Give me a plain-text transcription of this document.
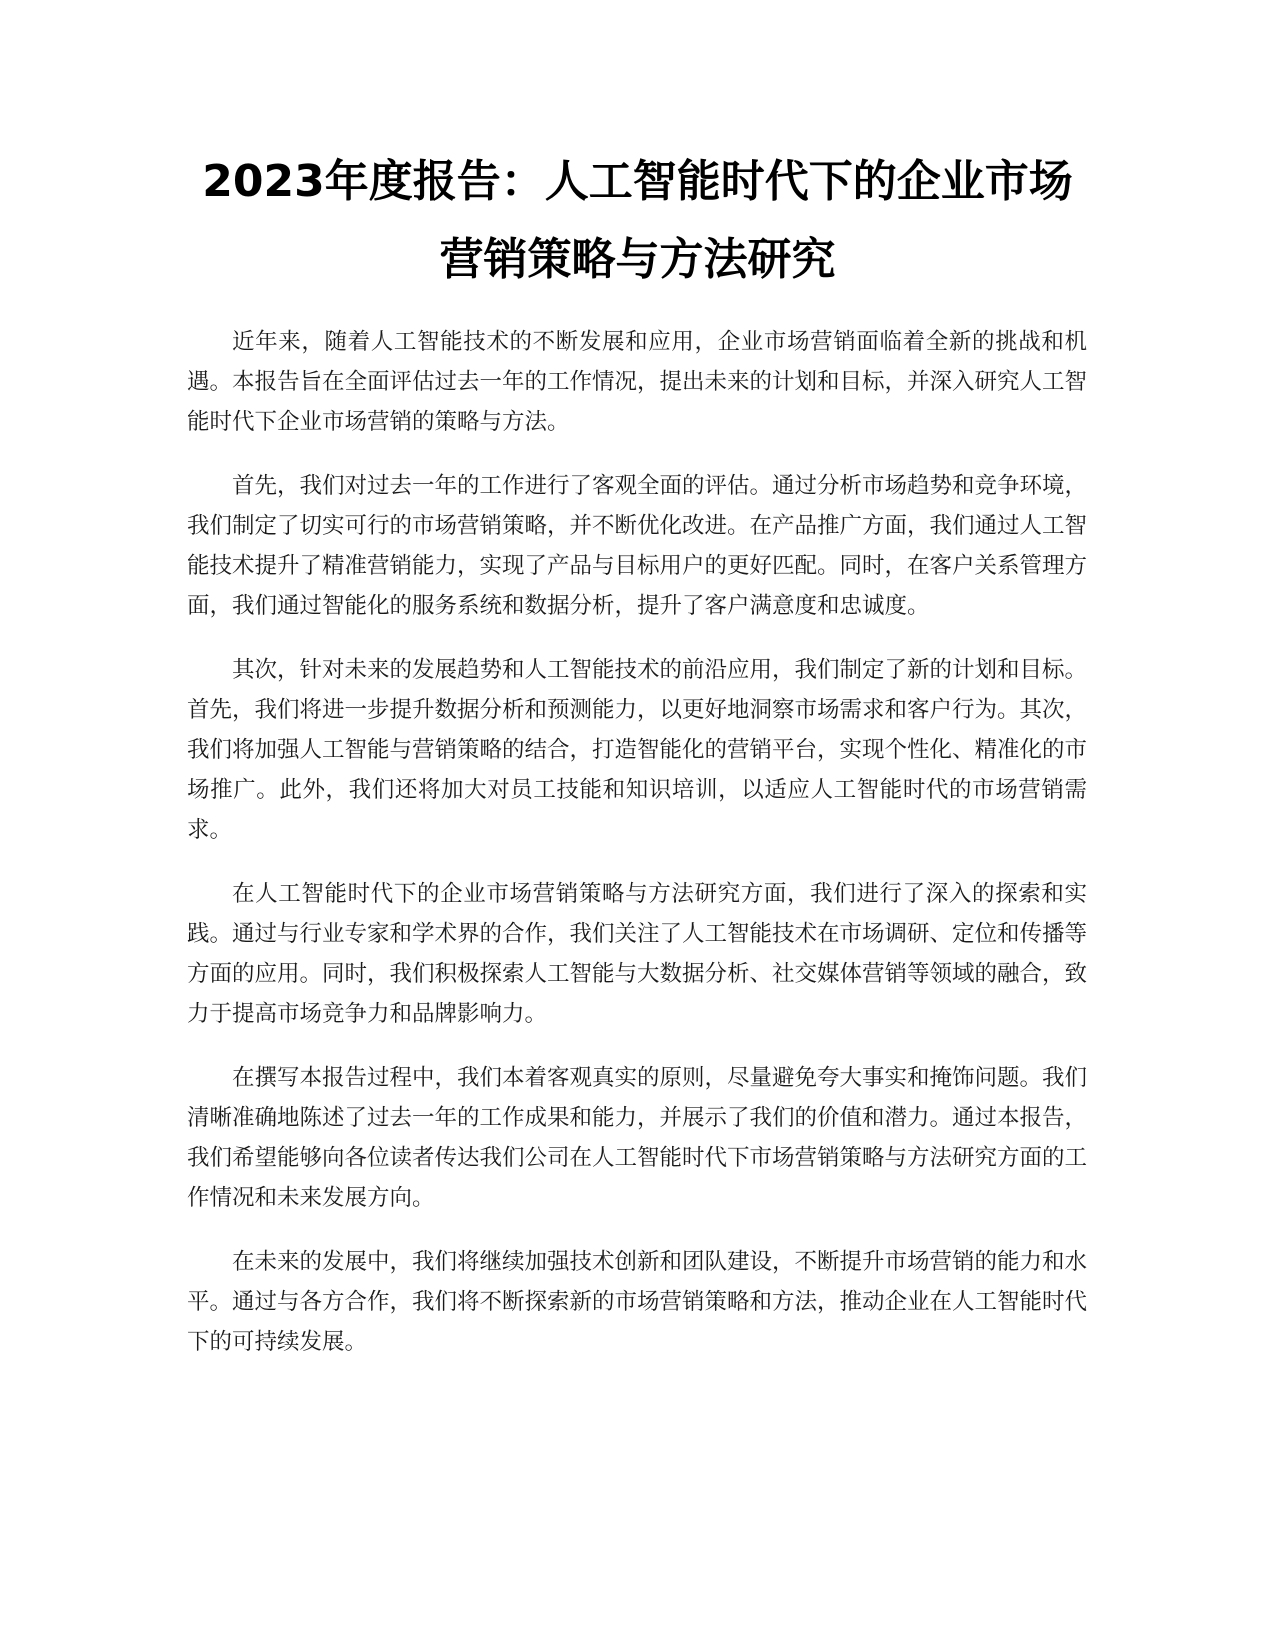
2023年度报告：人工智能时代下的企业市场
营销策略与方法研究

近年来，随着人工智能技术的不断发展和应用，企业市场营销面临着全新的挑战和机遇。本报告旨在全面评估过去一年的工作情况，提出未来的计划和目标，并深入研究人工智能时代下企业市场营销的策略与方法。

首先，我们对过去一年的工作进行了客观全面的评估。通过分析市场趋势和竞争环境，我们制定了切实可行的市场营销策略，并不断优化改进。在产品推广方面，我们通过人工智能技术提升了精准营销能力，实现了产品与目标用户的更好匹配。同时，在客户关系管理方面，我们通过智能化的服务系统和数据分析，提升了客户满意度和忠诚度。

其次，针对未来的发展趋势和人工智能技术的前沿应用，我们制定了新的计划和目标。首先，我们将进一步提升数据分析和预测能力，以更好地洞察市场需求和客户行为。其次，我们将加强人工智能与营销策略的结合，打造智能化的营销平台，实现个性化、精准化的市场推广。此外，我们还将加大对员工技能和知识培训，以适应人工智能时代的市场营销需求。

在人工智能时代下的企业市场营销策略与方法研究方面，我们进行了深入的探索和实践。通过与行业专家和学术界的合作，我们关注了人工智能技术在市场调研、定位和传播等方面的应用。同时，我们积极探索人工智能与大数据分析、社交媒体营销等领域的融合，致力于提高市场竞争力和品牌影响力。

在撰写本报告过程中，我们本着客观真实的原则，尽量避免夸大事实和掩饰问题。我们清晰准确地陈述了过去一年的工作成果和能力，并展示了我们的价值和潜力。通过本报告，我们希望能够向各位读者传达我们公司在人工智能时代下市场营销策略与方法研究方面的工作情况和未来发展方向。

在未来的发展中，我们将继续加强技术创新和团队建设，不断提升市场营销的能力和水平。通过与各方合作，我们将不断探索新的市场营销策略和方法，推动企业在人工智能时代下的可持续发展。
